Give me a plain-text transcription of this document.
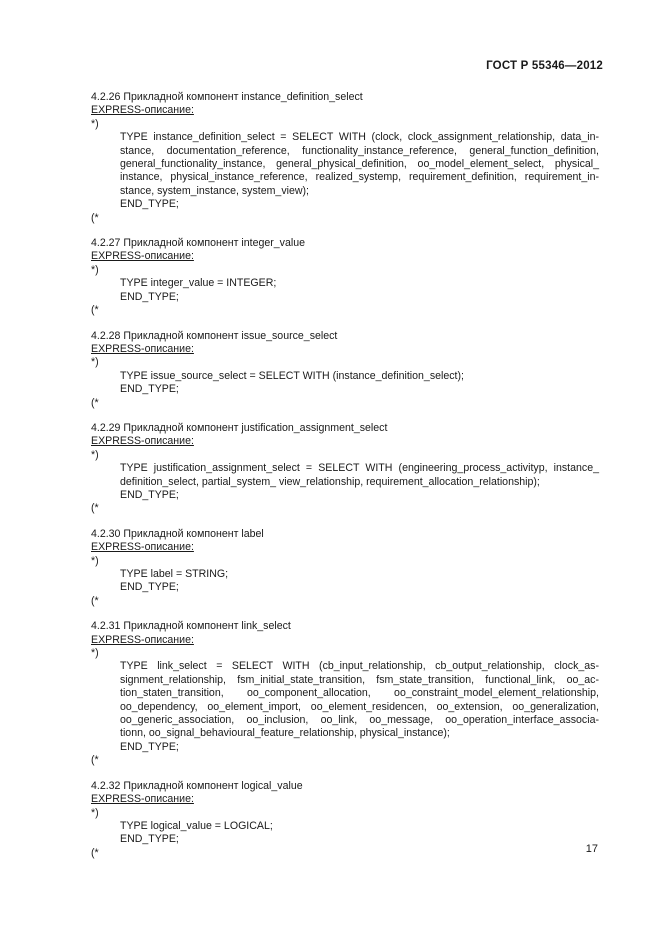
ГОСТ Р 55346—2012
4.2.26 Прикладной компонент instance_definition_select
EXPRESS-описание:
*)
TYPE instance_definition_select = SELECT WITH (clock, clock_assignment_relationship, data_in-
stance, documentation_reference, functionality_instance_reference, general_function_definition,
general_functionality_instance, general_physical_definition, oo_model_element_select, physical_
instance, physical_instance_reference, realized_systemp, requirement_definition, requirement_in-
stance, system_instance, system_view);
END_TYPE;
(*
4.2.27 Прикладной компонент integer_value
EXPRESS-описание:
*)
TYPE integer_value = INTEGER;
END_TYPE;
(*
4.2.28 Прикладной компонент issue_source_select
EXPRESS-описание:
*)
TYPE issue_source_select = SELECT WITH (instance_definition_select);
END_TYPE;
(*
4.2.29 Прикладной компонент justification_assignment_select
EXPRESS-описание:
*)
TYPE justification_assignment_select = SELECT WITH (engineering_process_activityp, instance_
definition_select, partial_system_ view_relationship, requirement_allocation_relationship);
END_TYPE;
(*
4.2.30 Прикладной компонент label
EXPRESS-описание:
*)
TYPE label = STRING;
END_TYPE;
(*
4.2.31 Прикладной компонент link_select
EXPRESS-описание:
*)
TYPE link_select = SELECT WITH (cb_input_relationship, cb_output_relationship, clock_as-
signment_relationship, fsm_initial_state_transition, fsm_state_transition, functional_link, oo_ac-
tion_staten_transition, oo_component_allocation, oo_constraint_model_element_relationship,
oo_dependency, oo_element_import, oo_element_residencen, oo_extension, oo_generalization,
oo_generic_association, oo_inclusion, oo_link, oo_message, oo_operation_interface_associa-
tionn, oo_signal_behavioural_feature_relationship, physical_instance);
END_TYPE;
(*
4.2.32 Прикладной компонент logical_value
EXPRESS-описание:
*)
TYPE logical_value = LOGICAL;
END_TYPE;
(*	17
